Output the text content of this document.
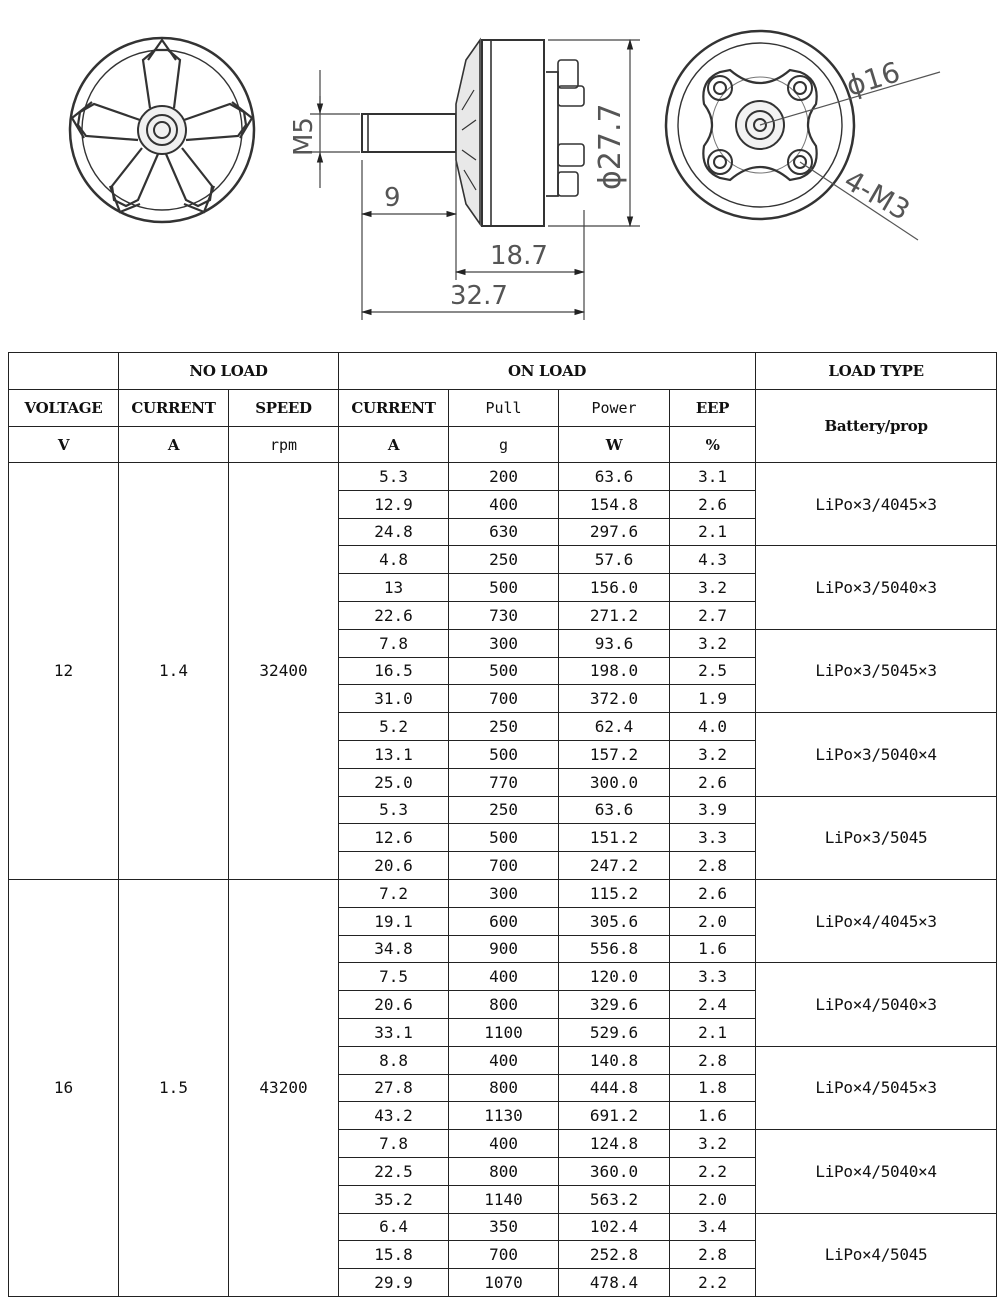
M5
9
18.7
32.7
ϕ27.7
ϕ16
4-M3
	NO LOAD		ON LOAD				LOAD TYPE
VOLTAGE	CURRENT	SPEED	CURRENT	Pull	Power	EEP	Battery/prop
V	A	rpm	A	g	W	%	
12	1.4	32400	5.3	200	63.6	3.1	LiPo×3/4045×3
			12.9	400	154.8	2.6	
			24.8	630	297.6	2.1	
			4.8	250	57.6	4.3	LiPo×3/5040×3
			13	500	156.0	3.2	
			22.6	730	271.2	2.7	
			7.8	300	93.6	3.2	LiPo×3/5045×3
			16.5	500	198.0	2.5	
			31.0	700	372.0	1.9	
			5.2	250	62.4	4.0	LiPo×3/5040×4
			13.1	500	157.2	3.2	
			25.0	770	300.0	2.6	
			5.3	250	63.6	3.9	LiPo×3/5045
			12.6	500	151.2	3.3	
			20.6	700	247.2	2.8	
16	1.5	43200	7.2	300	115.2	2.6	LiPo×4/4045×3
			19.1	600	305.6	2.0	
			34.8	900	556.8	1.6	
			7.5	400	120.0	3.3	LiPo×4/5040×3
			20.6	800	329.6	2.4	
			33.1	1100	529.6	2.1	
			8.8	400	140.8	2.8	LiPo×4/5045×3
			27.8	800	444.8	1.8	
			43.2	1130	691.2	1.6	
			7.8	400	124.8	3.2	LiPo×4/5040×4
			22.5	800	360.0	2.2	
			35.2	1140	563.2	2.0	
			6.4	350	102.4	3.4	LiPo×4/5045
			15.8	700	252.8	2.8	
			29.9	1070	478.4	2.2	
